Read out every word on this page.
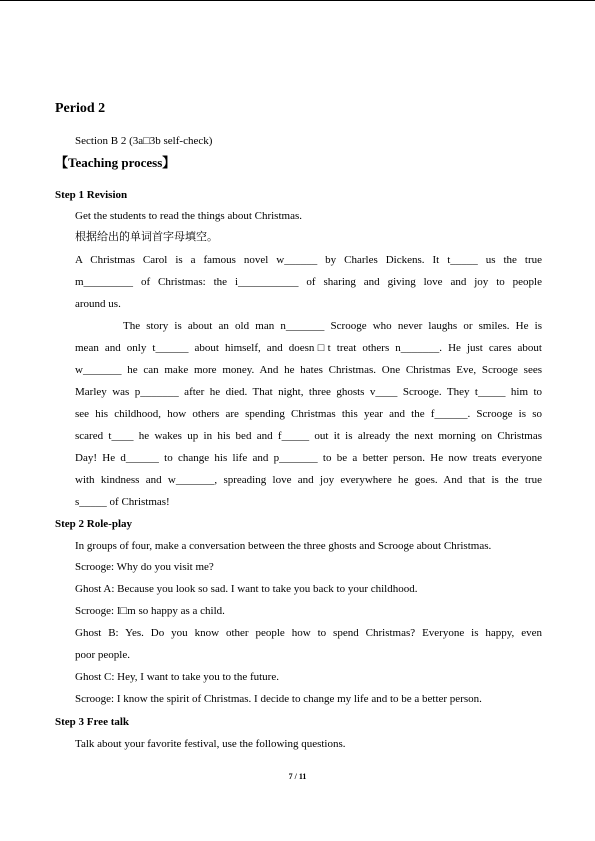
Period 2
Section B 2 (3a□3b self-check)
【Teaching process】
Step 1 Revision
Get the students to read the things about Christmas.
根据给出的单词首字母填空。
A Christmas Carol is a famous novel w______ by Charles Dickens. It t_____ us the true
m_________ of Christmas: the i___________ of sharing and giving love and joy to people
around us.
The story is about an old man n_______ Scrooge who never laughs or smiles. He is
mean and only t______ about himself, and doesn□t treat others n_______. He just cares about
w_______ he can make more money. And he hates Christmas. One Christmas Eve, Scrooge sees
Marley was p_______ after he died. That night, three ghosts v____ Scrooge. They t_____ him to
see his childhood, how others are spending Christmas this year and the f______. Scrooge is so
scared t____ he wakes up in his bed and f_____ out it is already the next morning on Christmas
Day! He d______ to change his life and p_______ to be a better person. He now treats everyone
with kindness and w_______, spreading love and joy everywhere he goes. And that is the true
s_____ of Christmas!
Step 2 Role-play
In groups of four, make a conversation between the three ghosts and Scrooge about Christmas.
Scrooge: Why do you visit me?
Ghost A: Because you look so sad. I want to take you back to your childhood.
Scrooge: I□m so happy as a child.
Ghost B: Yes. Do you know other people how to spend Christmas? Everyone is happy, even
poor people.
Ghost C: Hey, I want to take you to the future.
Scrooge: I know the spirit of Christmas. I decide to change my life and to be a better person.
Step 3 Free talk
Talk about your favorite festival, use the following questions.
7 / 11
